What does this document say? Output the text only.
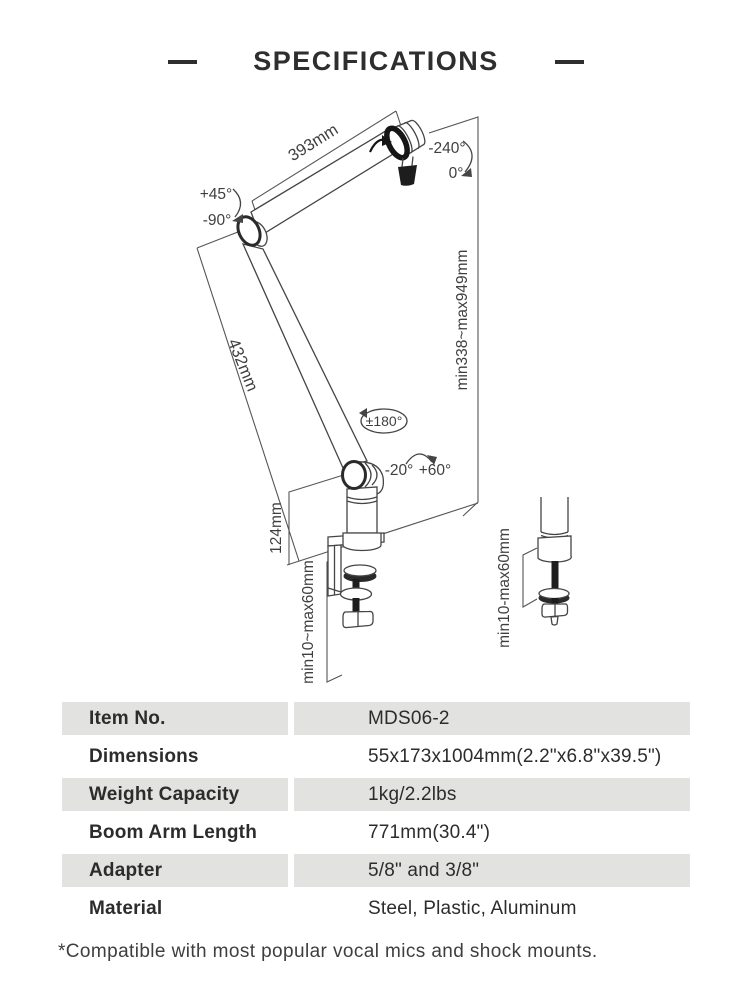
SPECIFICATIONS
393mm	-240°
0°
+45°
-90°
432mm	min338~max949mm
±180°
-20° +60°
124mm
min10~max60mm	min10-max60mm
Item No.	MDS06-2
Dimensions	55x173x1004mm(2.2"x6.8"x39.5")
Weight Capacity	1kg/2.2lbs
Boom Arm Length	771mm(30.4")
Adapter	5/8" and 3/8"
Material	Steel, Plastic, Aluminum
*Compatible with most popular vocal mics and shock mounts.
